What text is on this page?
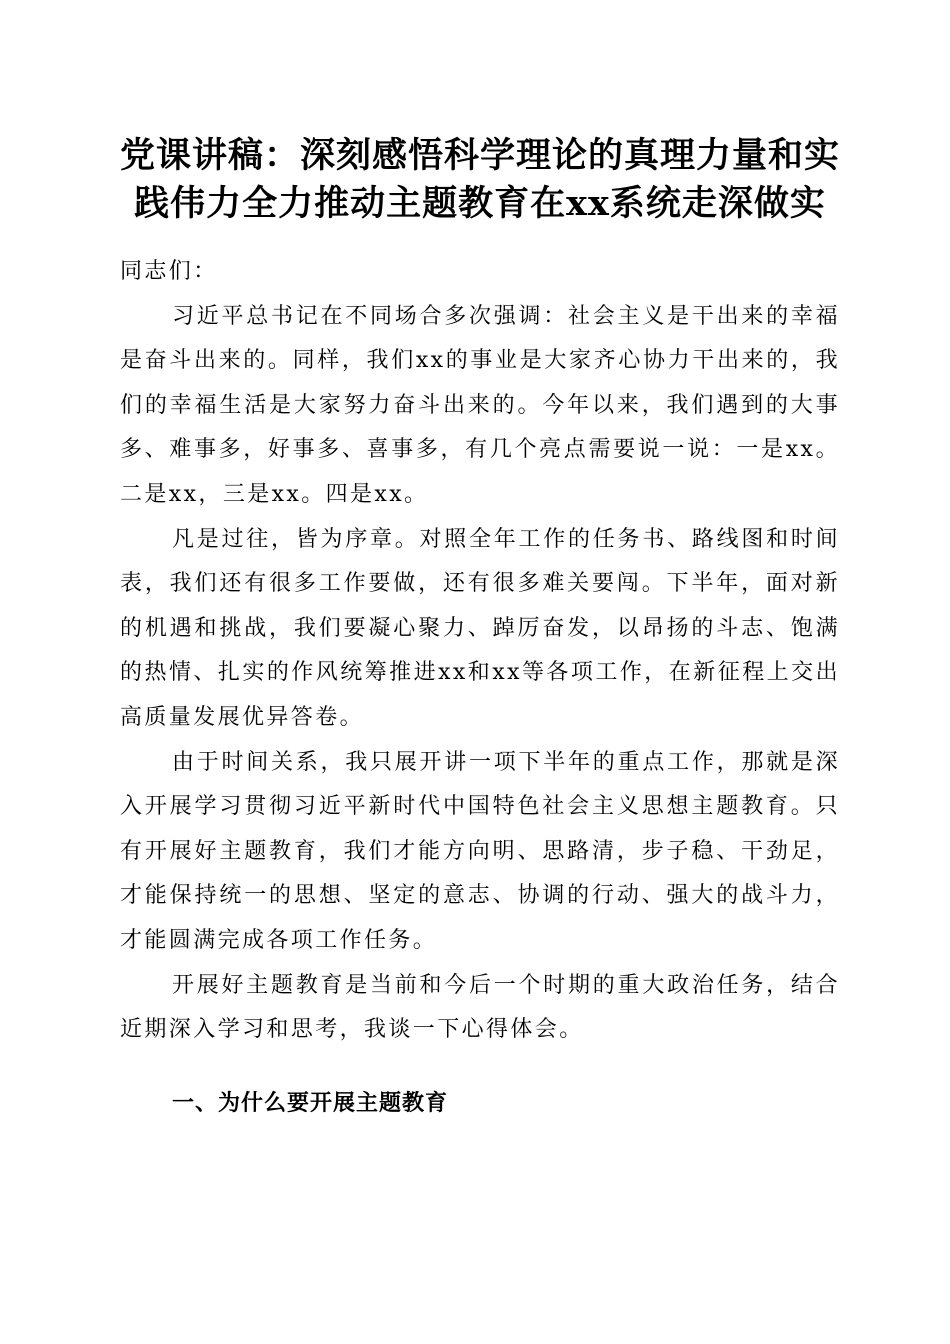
党课讲稿：深刻感悟科学理论的真理力量和实
践伟力全力推动主题教育在xx系统走深做实

同志们：

习近平总书记在不同场合多次强调：社会主义是干出来的幸福是奋斗出来的。同样，我们xx的事业是大家齐心协力干出来的，我们的幸福生活是大家努力奋斗出来的。今年以来，我们遇到的大事多、难事多，好事多、喜事多，有几个亮点需要说一说：一是xx。二是xx，三是xx。四是xx。

凡是过往，皆为序章。对照全年工作的任务书、路线图和时间表，我们还有很多工作要做，还有很多难关要闯。下半年，面对新的机遇和挑战，我们要凝心聚力、踔厉奋发，以昂扬的斗志、饱满的热情、扎实的作风统筹推进xx和xx等各项工作，在新征程上交出高质量发展优异答卷。

由于时间关系，我只展开讲一项下半年的重点工作，那就是深入开展学习贯彻习近平新时代中国特色社会主义思想主题教育。只有开展好主题教育，我们才能方向明、思路清，步子稳、干劲足，才能保持统一的思想、坚定的意志、协调的行动、强大的战斗力，才能圆满完成各项工作任务。

开展好主题教育是当前和今后一个时期的重大政治任务，结合近期深入学习和思考，我谈一下心得体会。

一、为什么要开展主题教育
